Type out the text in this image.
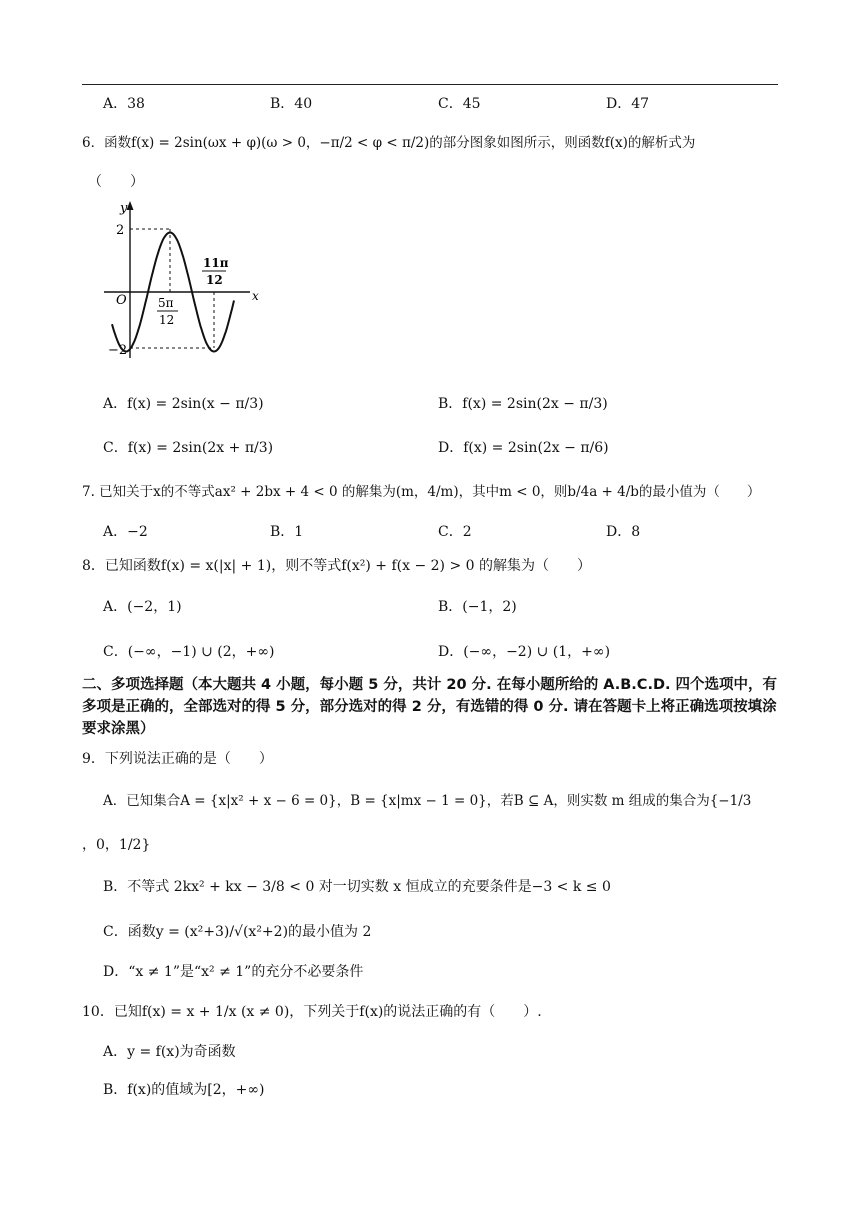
A．38	B．40	C．45	D．47
6．函数f(x) = 2sin(ωx + φ)(ω > 0，−π/2 < φ < π/2)的部分图象如图所示，则函数f(x)的解析式为
（　　）
y
x
O
2
−2
5π
12
11π
12
A．f(x) = 2sin(x − π/3)	B．f(x) = 2sin(2x − π/3)
C．f(x) = 2sin(2x + π/3)	D．f(x) = 2sin(2x − π/6)
7. 已知关于x的不等式ax² + 2bx + 4 < 0 的解集为(m，4/m)，其中m < 0，则b/4a + 4/b的最小值为（　　）
A．−2	B．1	C．2	D．8
8．已知函数f(x) = x(|x| + 1)，则不等式f(x²) + f(x − 2) > 0 的解集为（　　）
A．(−2，1)	B．(−1，2)
C．(−∞，−1) ∪ (2，+∞)	D．(−∞，−2) ∪ (1，+∞)
二、多项选择题（本大题共 4 小题，每小题 5 分，共计 20 分. 在每小题所给的 A.B.C.D. 四个选项中，有多项是正确的，全部选对的得 5 分，部分选对的得 2 分，有选错的得 0 分. 请在答题卡上将正确选项按填涂要求涂黑）
9．下列说法正确的是（　　）
A．已知集合A = {x|x² + x − 6 = 0}，B = {x|mx − 1 = 0}，若B ⊆ A，则实数 m 组成的集合为{−1/3
，0，1/2}
B．不等式 2kx² + kx − 3/8 < 0 对一切实数 x 恒成立的充要条件是−3 < k ≤ 0
C．函数y = (x²+3)/√(x²+2)的最小值为 2
D．“x ≠ 1”是“x² ≠ 1”的充分不必要条件
10．已知f(x) = x + 1/x (x ≠ 0)，下列关于f(x)的说法正确的有（　　）.
A．y = f(x)为奇函数
B．f(x)的值域为[2，+∞)
